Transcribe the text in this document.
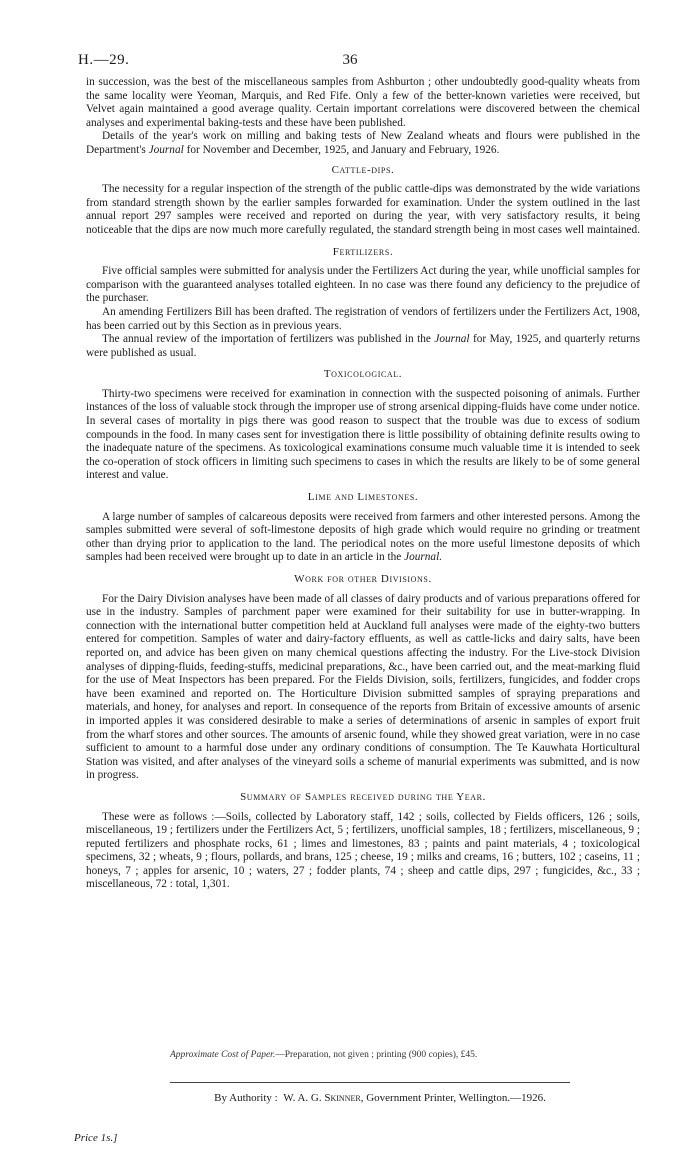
H.—29.	36

in succession, was the best of the miscellaneous samples from Ashburton ; other undoubtedly good-quality wheats from the same locality were Yeoman, Marquis, and Red Fife. Only a few of the better-known varieties were received, but Velvet again maintained a good average quality. Certain important correlations were discovered between the chemical analyses and experimental baking-tests and these have been published.

Details of the year's work on milling and baking tests of New Zealand wheats and flours were published in the Department's Journal for November and December, 1925, and January and February, 1926.

Cattle-dips.

The necessity for a regular inspection of the strength of the public cattle-dips was demonstrated by the wide variations from standard strength shown by the earlier samples forwarded for examination. Under the system outlined in the last annual report 297 samples were received and reported on during the year, with very satisfactory results, it being noticeable that the dips are now much more carefully regulated, the standard strength being in most cases well maintained.

Fertilizers.

Five official samples were submitted for analysis under the Fertilizers Act during the year, while unofficial samples for comparison with the guaranteed analyses totalled eighteen. In no case was there found any deficiency to the prejudice of the purchaser.

An amending Fertilizers Bill has been drafted. The registration of vendors of fertilizers under the Fertilizers Act, 1908, has been carried out by this Section as in previous years.

The annual review of the importation of fertilizers was published in the Journal for May, 1925, and quarterly returns were published as usual.

Toxicological.

Thirty-two specimens were received for examination in connection with the suspected poisoning of animals. Further instances of the loss of valuable stock through the improper use of strong arsenical dipping-fluids have come under notice. In several cases of mortality in pigs there was good reason to suspect that the trouble was due to excess of sodium compounds in the food. In many cases sent for investigation there is little possibility of obtaining definite results owing to the inadequate nature of the specimens. As toxicological examinations consume much valuable time it is intended to seek the co-operation of stock officers in limiting such specimens to cases in which the results are likely to be of some general interest and value.

Lime and Limestones.

A large number of samples of calcareous deposits were received from farmers and other interested persons. Among the samples submitted were several of soft-limestone deposits of high grade which would require no grinding or treatment other than drying prior to application to the land. The periodical notes on the more useful limestone deposits of which samples had been received were brought up to date in an article in the Journal.

Work for other Divisions.

For the Dairy Division analyses have been made of all classes of dairy products and of various preparations offered for use in the industry. Samples of parchment paper were examined for their suitability for use in butter-wrapping. In connection with the international butter competition held at Auckland full analyses were made of the eighty-two butters entered for competition. Samples of water and dairy-factory effluents, as well as cattle-licks and dairy salts, have been reported on, and advice has been given on many chemical questions affecting the industry. For the Live-stock Division analyses of dipping-fluids, feeding-stuffs, medicinal preparations, &c., have been carried out, and the meat-marking fluid for the use of Meat Inspectors has been prepared. For the Fields Division, soils, fertilizers, fungicides, and fodder crops have been examined and reported on. The Horticulture Division submitted samples of spraying preparations and materials, and honey, for analyses and report. In consequence of the reports from Britain of excessive amounts of arsenic in imported apples it was considered desirable to make a series of determinations of arsenic in samples of export fruit from the wharf stores and other sources. The amounts of arsenic found, while they showed great variation, were in no case sufficient to amount to a harmful dose under any ordinary conditions of consumption. The Te Kauwhata Horticultural Station was visited, and after analyses of the vineyard soils a scheme of manurial experiments was submitted, and is now in progress.

Summary of Samples received during the Year.

These were as follows :—Soils, collected by Laboratory staff, 142 ; soils, collected by Fields officers, 126 ; soils, miscellaneous, 19 ; fertilizers under the Fertilizers Act, 5 ; fertilizers, unofficial samples, 18 ; fertilizers, miscellaneous, 9 ; reputed fertilizers and phosphate rocks, 61 ; limes and limestones, 83 ; paints and paint materials, 4 ; toxicological specimens, 32 ; wheats, 9 ; flours, pollards, and brans, 125 ; cheese, 19 ; milks and creams, 16 ; butters, 102 ; caseins, 11 ; honeys, 7 ; apples for arsenic, 10 ; waters, 27 ; fodder plants, 74 ; sheep and cattle dips, 297 ; fungicides, &c., 33 ; miscellaneous, 72 : total, 1,301.

Approximate Cost of Paper.—Preparation, not given ; printing (900 copies), £45.
By Authority : W. A. G. Skinner, Government Printer, Wellington.—1926.
Price 1s.]
